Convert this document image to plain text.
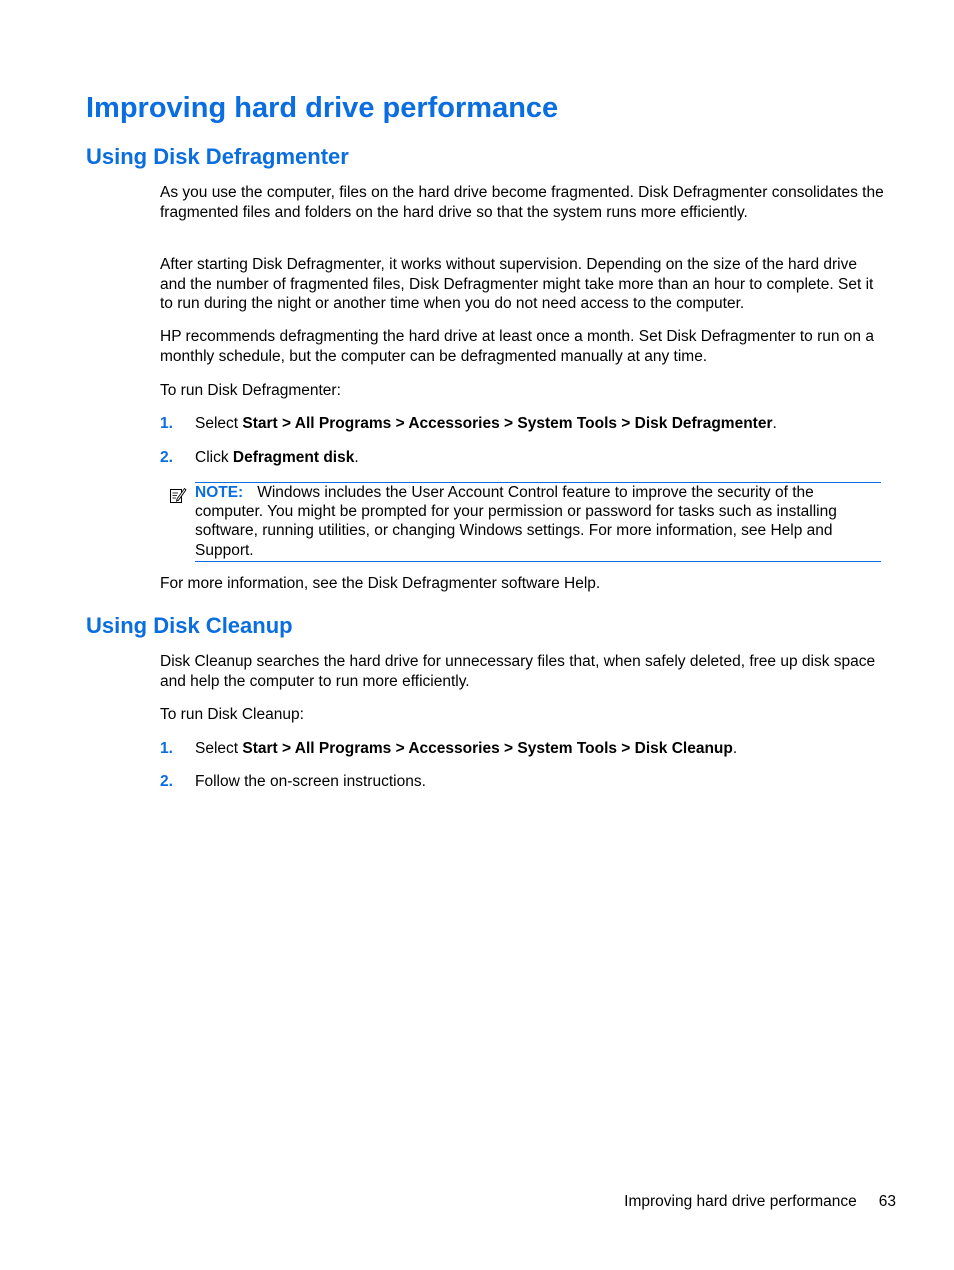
Improving hard drive performance
Using Disk Defragmenter

As you use the computer, files on the hard drive become fragmented. Disk Defragmenter consolidates the fragmented files and folders on the hard drive so that the system runs more efficiently.

After starting Disk Defragmenter, it works without supervision. Depending on the size of the hard drive and the number of fragmented files, Disk Defragmenter might take more than an hour to complete. Set it to run during the night or another time when you do not need access to the computer.

HP recommends defragmenting the hard drive at least once a month. Set Disk Defragmenter to run on a monthly schedule, but the computer can be defragmented manually at any time.

To run Disk Defragmenter:

1. Select Start > All Programs > Accessories > System Tools > Disk Defragmenter.
2. Click Defragment disk.

NOTE: Windows includes the User Account Control feature to improve the security of the computer. You might be prompted for your permission or password for tasks such as installing software, running utilities, or changing Windows settings. For more information, see Help and Support.

For more information, see the Disk Defragmenter software Help.

Using Disk Cleanup

Disk Cleanup searches the hard drive for unnecessary files that, when safely deleted, free up disk space and help the computer to run more efficiently.

To run Disk Cleanup:

1. Select Start > All Programs > Accessories > System Tools > Disk Cleanup.
2. Follow the on-screen instructions.
Improving hard drive performance 63
